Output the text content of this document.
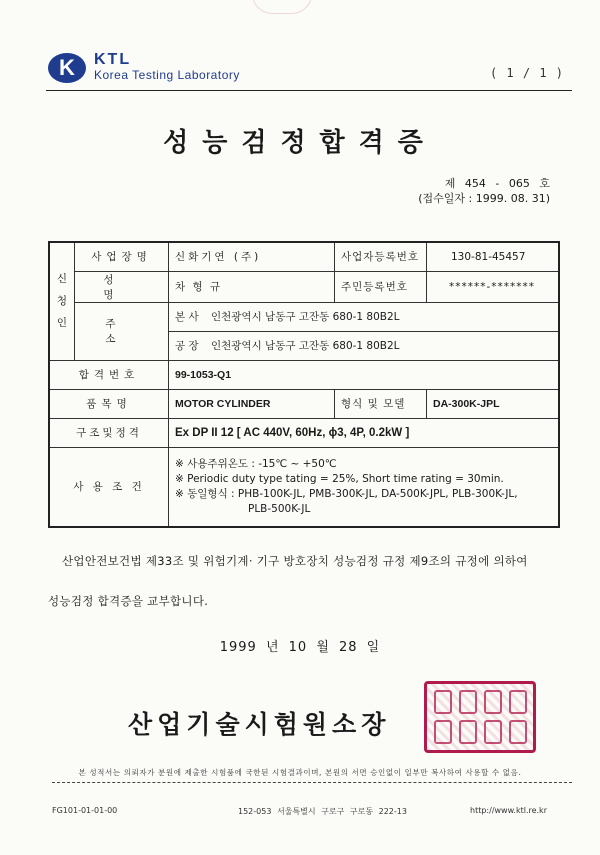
K KTL
Korea Testing Laboratory	( 1 / 1 )
성능검정합격증
제 454 - 065 호
(접수일자 : 1999. 08. 31)
신 청 인	사업장명	신화기연 (주)	사업자등록번호	130-81-45457
	성명	차 형 규	주민등록번호	******-*******
	주 소	본 사 인천광역시 남동구 고잔동 680-1 80B2L		
		공 장 인천광역시 남동구 고잔동 680-1 80B2L		
합격번호		99-1053-Q1		
품목명		MOTOR CYLINDER	형식 및 모델	DA-300K-JPL
구조및정격		Ex DP II 12 [ AC 440V, 60Hz, ϕ3, 4P, 0.2kW ]		
사 용 조 건		※ 사용주위온도 : -15℃ ~ +50℃
※ Periodic duty type tating = 25%, Short time rating = 30min.
※ 동일형식 : PHB-100K-JL, PMB-300K-JL, DA-500K-JPL, PLB-300K-JL,
PLB-500K-JL		
산업안전보건법 제33조 및 위험기계· 기구 방호장치 성능검정 규정 제9조의 규정에 의하여
성능검정 합격증을 교부합니다.
1999 년 10 월 28 일
산업기술시험원소장
본 성적서는 의뢰자가 분원에 제출한 시험품에 국한된 시험결과이며, 본원의 서면 승인없이 일부만 복사하여 사용할 수 없음.
FG101-01-01-00	152-053 서울특별시 구로구 구로동 222-13	http://www.ktl.re.kr
